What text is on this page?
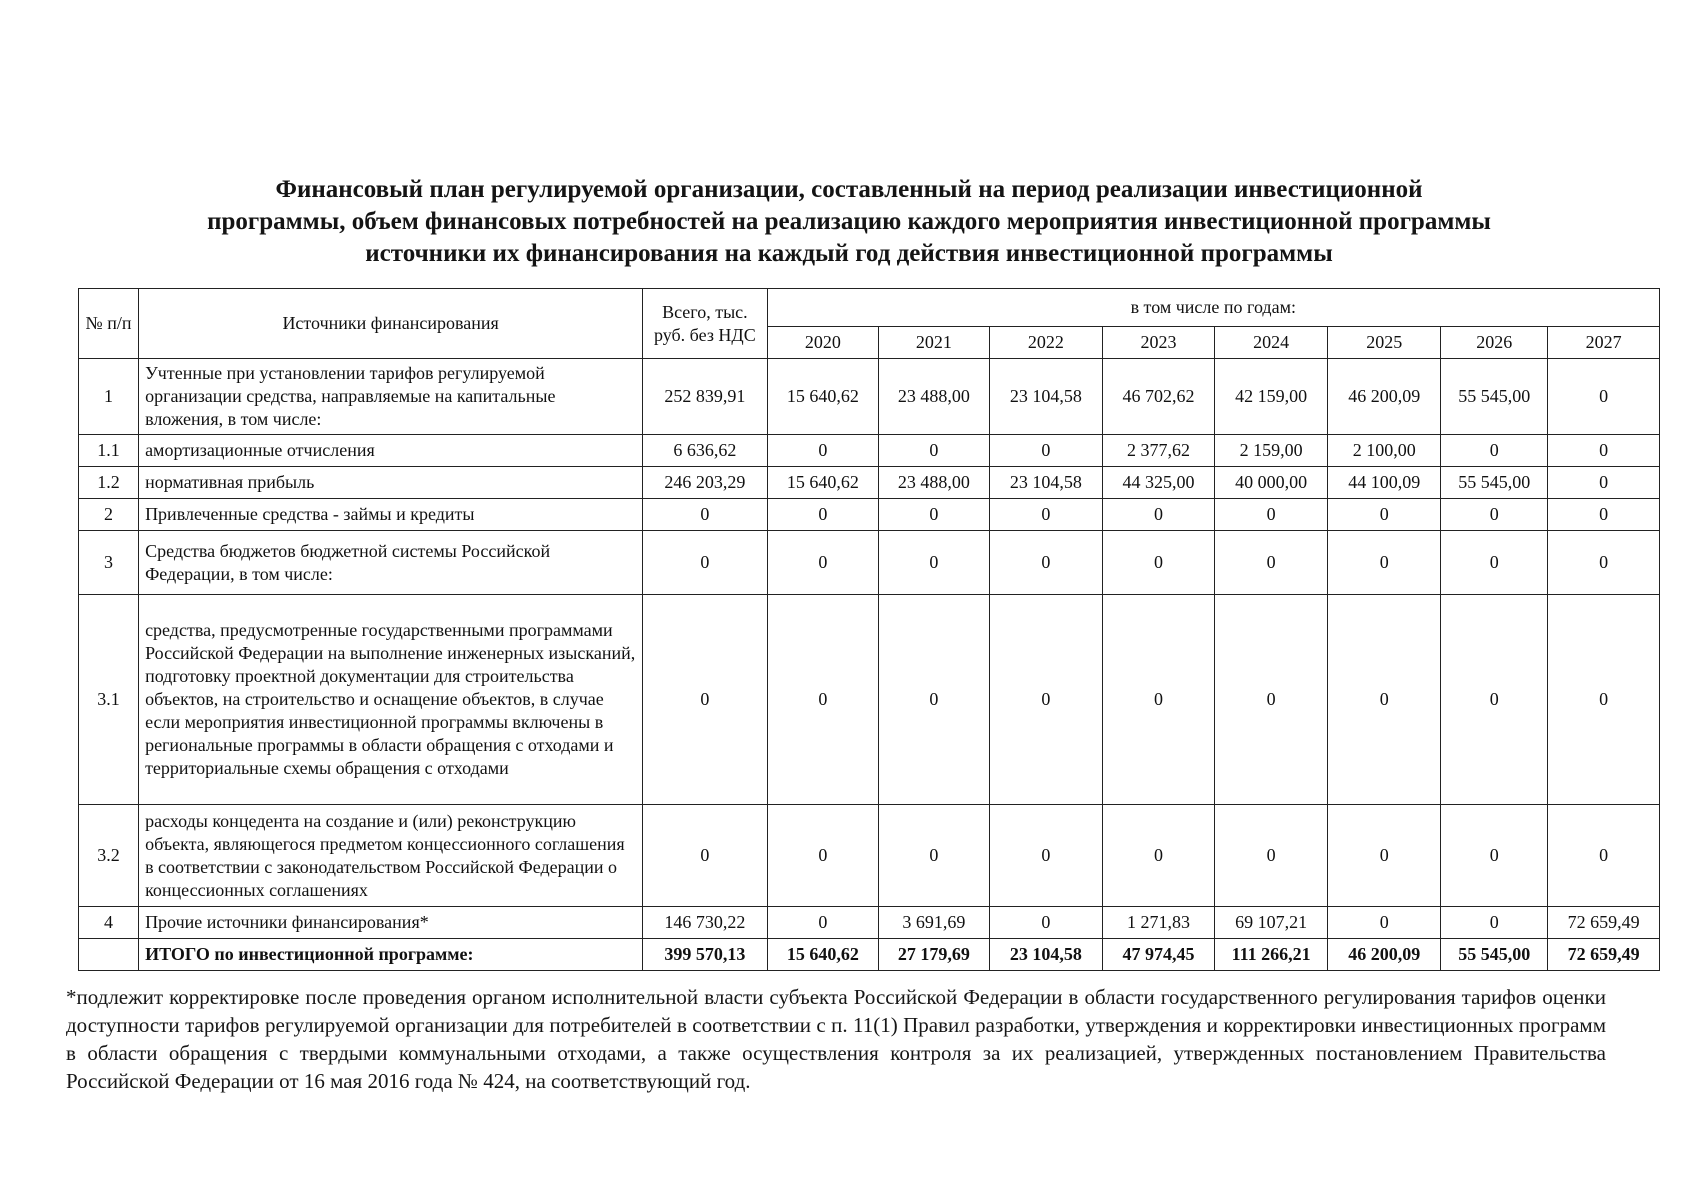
Финансовый план регулируемой организации, составленный на период реализации инвестиционной
программы, объем финансовых потребностей на реализацию каждого мероприятия инвестиционной программы
источники их финансирования на каждый год действия инвестиционной программы
№ п/п	Источники финансирования	Всего, тыс. руб. без НДС	в том числе по годам:							
			2020	2021	2022	2023	2024	2025	2026	2027
1	Учтенные при установлении тарифов регулируемой организации средства, направляемые на капитальные вложения, в том числе:	252 839,91	15 640,62	23 488,00	23 104,58	46 702,62	42 159,00	46 200,09	55 545,00	0
1.1	амортизационные отчисления	6 636,62	0	0	0	2 377,62	2 159,00	2 100,00	0	0
1.2	нормативная прибыль	246 203,29	15 640,62	23 488,00	23 104,58	44 325,00	40 000,00	44 100,09	55 545,00	0
2	Привлеченные средства - займы и кредиты	0	0	0	0	0	0	0	0	0
3	Средства бюджетов бюджетной системы Российской Федерации, в том числе:	0	0	0	0	0	0	0	0	0
3.1	средства, предусмотренные государственными программами Российской Федерации на выполнение инженерных изысканий, подготовку проектной документации для строительства объектов, на строительство и оснащение объектов, в случае если мероприятия инвестиционной программы включены в региональные программы в области обращения с отходами и территориальные схемы обращения с отходами	0	0	0	0	0	0	0	0	0
3.2	расходы концедента на создание и (или) реконструкцию объекта, являющегося предметом концессионного соглашения в соответствии с законодательством Российской Федерации о концессионных соглашениях	0	0	0	0	0	0	0	0	0
4	Прочие источники финансирования*	146 730,22	0	3 691,69	0	1 271,83	69 107,21	0	0	72 659,49
	ИТОГО по инвестиционной программе:	399 570,13	15 640,62	27 179,69	23 104,58	47 974,45	111 266,21	46 200,09	55 545,00	72 659,49
*подлежит корректировке после проведения органом исполнительной власти субъекта Российской Федерации в области государственного регулирования тарифов оценки доступности тарифов регулируемой организации для потребителей в соответствии с п. 11(1) Правил разработки, утверждения и корректировки инвестиционных программ в области обращения с твердыми коммунальными отходами, а также осуществления контроля за их реализацией, утвержденных постановлением Правительства Российской Федерации от 16 мая 2016 года № 424, на соответствующий год.
